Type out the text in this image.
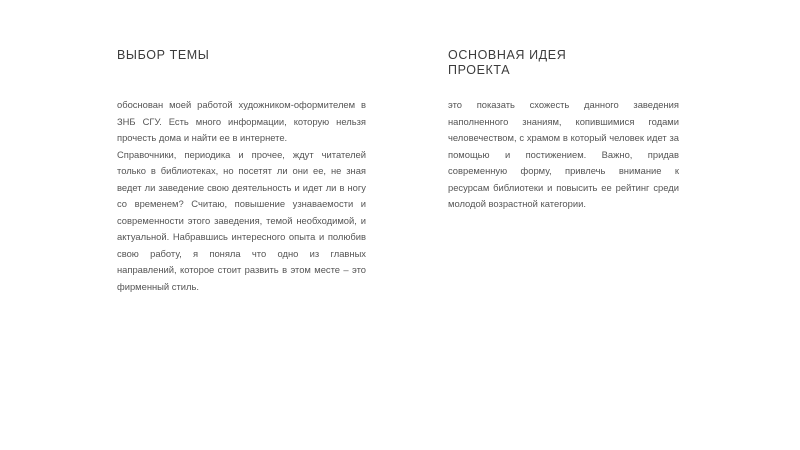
ВЫБОР ТЕМЫ

обоснован моей работой художником-оформителем в ЗНБ СГУ. Есть много информации, которую нельзя прочесть дома и найти ее в интернете.

Справочники, периодика и прочее, ждут читателей только в библиотеках, но посетят ли они ее, не зная ведет ли заведение свою деятельность и идет ли в ногу со временем? Считаю, повышение узнаваемости и современности этого заведения, темой необходимой, и актуальной. Набравшись интересного опыта и полюбив свою работу, я поняла что одно из главных направлений, которое стоит развить в этом месте – это фирменный стиль.

ОСНОВНАЯ ИДЕЯ
ПРОЕКТА

это показать схожесть данного заведения наполненного знаниям, копившимися годами человечеством, с храмом в который человек идет за помощью и постижением. Важно, придав современную форму, привлечь внимание к ресурсам библиотеки и повысить ее рейтинг среди молодой возрастной категории.
